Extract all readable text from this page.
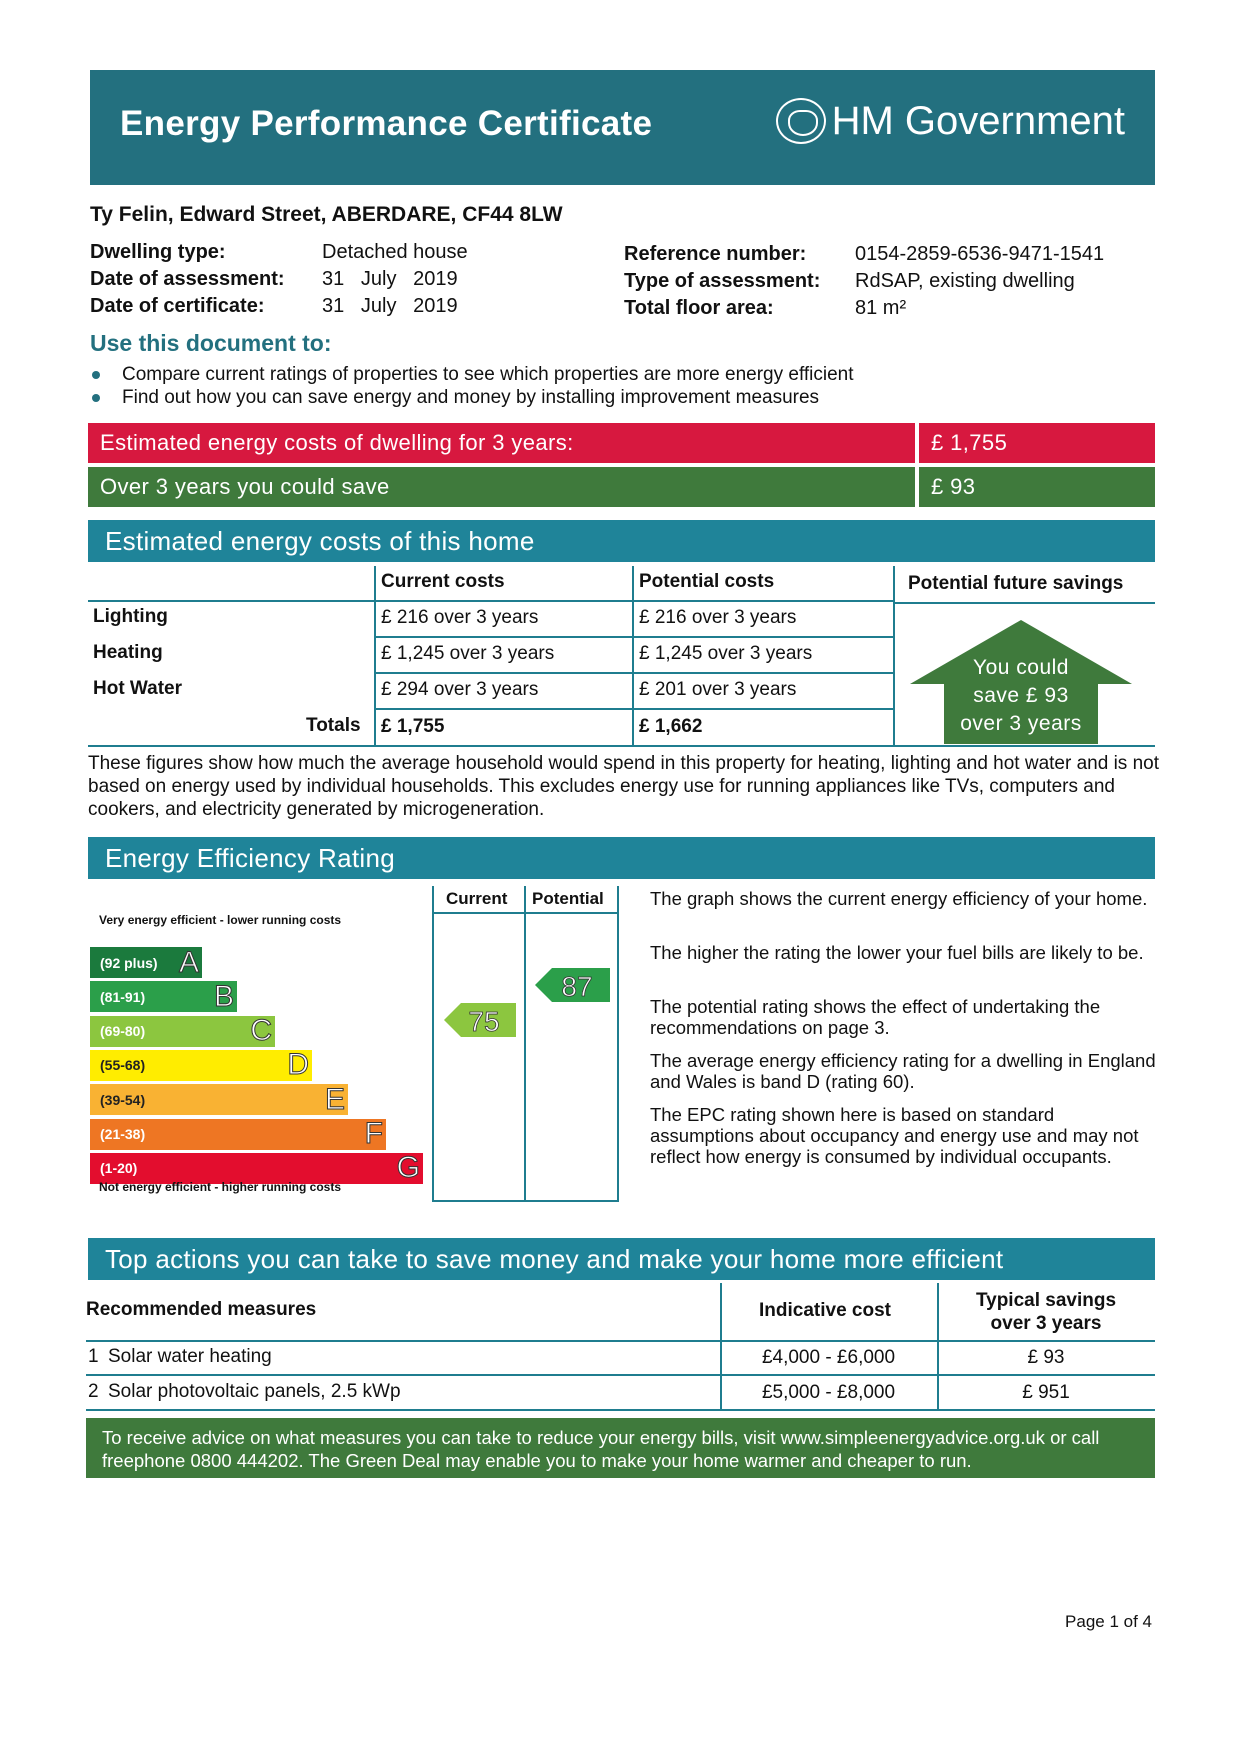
Energy Performance Certificate	HM Government
Ty Felin, Edward Street, ABERDARE, CF44 8LW
Dwelling type:	Detached house
Date of assessment: 31   July   2019
Date of certificate:	31   July   2019
Reference number: 0154-2859-6536-9471-1541
Type of assessment: RdSAP, existing dwelling
Total floor area:	81 m²
Use this document to:
Compare current ratings of properties to see which properties are more energy efficient
Find out how you can save energy and money by installing improvement measures
Estimated energy costs of dwelling for 3 years:	£ 1,755
Over 3 years you could save	£ 93
Estimated energy costs of this home
Current costs	Potential costs	Potential future savings
Lighting	£ 216 over 3 years	£ 216 over 3 years
Heating	£ 1,245 over 3 years	£ 1,245 over 3 years
Hot Water	£ 294 over 3 years	£ 201 over 3 years
Totals £ 1,755	£ 1,662
You could
save £ 93
over 3 years
These figures show how much the average household would spend in this property for heating, lighting and hot water and is not based on energy used by individual households. This excludes energy use for running appliances like TVs, computers and cookers, and electricity generated by microgeneration.
Energy Efficiency Rating
Current Potential
Very energy efficient - lower running costs
(92 plus) A
(81-91) B
(69-80)	C
(55-68)	D
(39-54)	E
(21-38)	F
(1-20)	G
Not energy efficient - higher running costs
75
87
The graph shows the current energy efficiency of your home.
The higher the rating the lower your fuel bills are likely to be.
The potential rating shows the effect of undertaking the recommendations on page 3.
The average energy efficiency rating for a dwelling in England and Wales is band D (rating 60).
The EPC rating shown here is based on standard assumptions about occupancy and energy use and may not reflect how energy is consumed by individual occupants.
Top actions you can take to save money and make your home more efficient
Recommended measures	Indicative cost	Typical savings
over 3 years
1 Solar water heating	£4,000 - £6,000	£ 93
2 Solar photovoltaic panels, 2.5 kWp	£5,000 - £8,000	£ 951
To receive advice on what measures you can take to reduce your energy bills, visit www.simpleenergyadvice.org.uk or call freephone 0800 444202. The Green Deal may enable you to make your home warmer and cheaper to run.
Page 1 of 4
